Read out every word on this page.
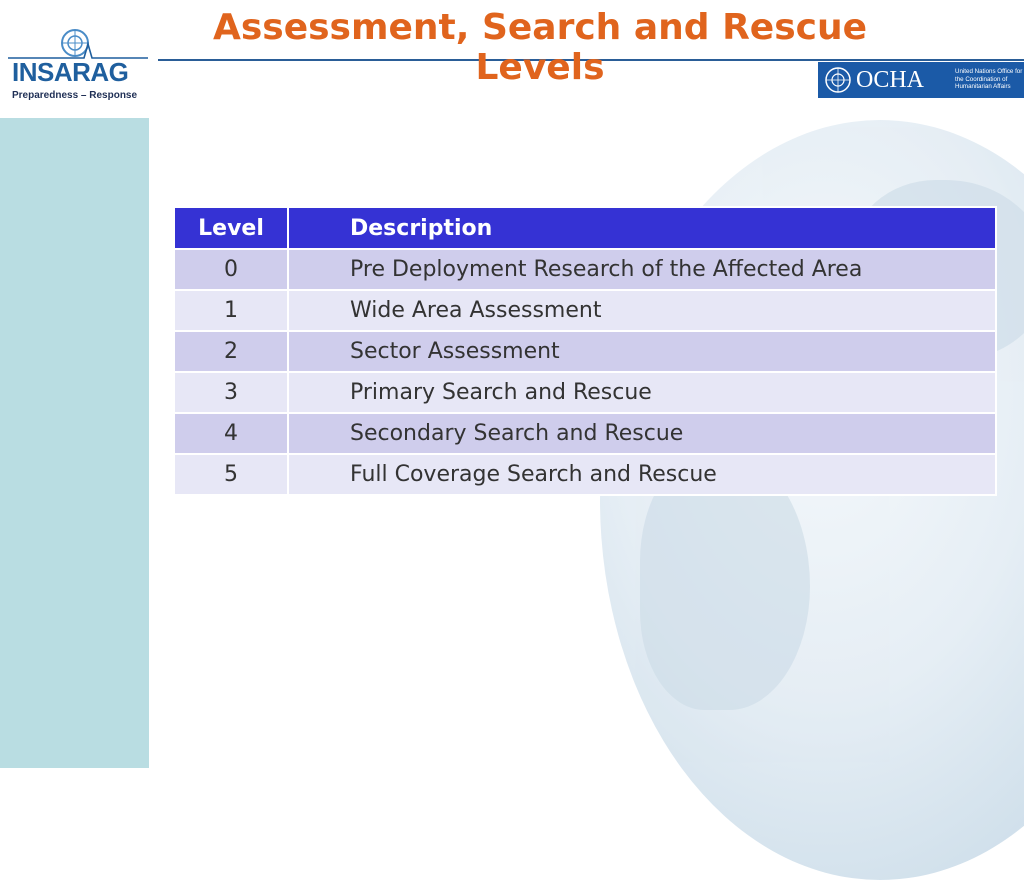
INSARAG
Preparedness – Response
Assessment, Search and Rescue
Levels	OCHA	United Nations Office for the Coordination of Humanitarian Affairs
Level	Description
0	Pre Deployment Research of the Affected Area
1	Wide Area Assessment
2	Sector Assessment
3	Primary Search and Rescue
4	Secondary Search and Rescue
5	Full Coverage Search and Rescue
